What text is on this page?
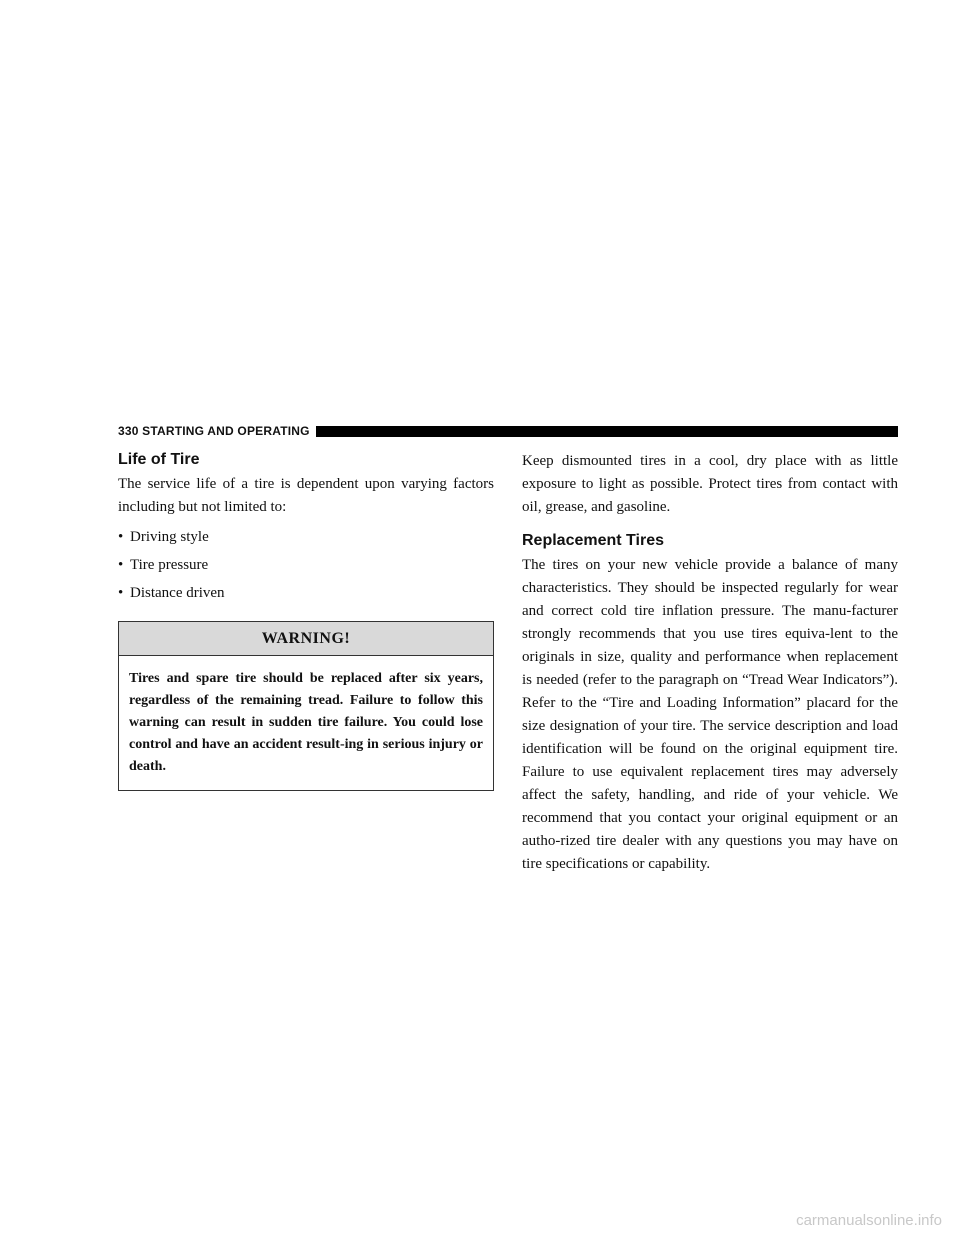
330 STARTING AND OPERATING
Life of Tire

The service life of a tire is dependent upon varying factors including but not limited to:

• Driving style
• Tire pressure
• Distance driven
WARNING!
Tires and spare tire should be replaced after six years, regardless of the remaining tread. Failure to follow this warning can result in sudden tire failure. You could lose control and have an accident result-ing in serious injury or death.

Keep dismounted tires in a cool, dry place with as little exposure to light as possible. Protect tires from contact with oil, grease, and gasoline.

Replacement Tires

The tires on your new vehicle provide a balance of many characteristics. They should be inspected regularly for wear and correct cold tire inflation pressure. The manu-facturer strongly recommends that you use tires equiva-lent to the originals in size, quality and performance when replacement is needed (refer to the paragraph on “Tread Wear Indicators”). Refer to the “Tire and Loading Information” placard for the size designation of your tire. The service description and load identification will be found on the original equipment tire. Failure to use equivalent replacement tires may adversely affect the safety, handling, and ride of your vehicle. We recommend that you contact your original equipment or an autho-rized tire dealer with any questions you may have on tire specifications or capability.

carmanualsonline.info
